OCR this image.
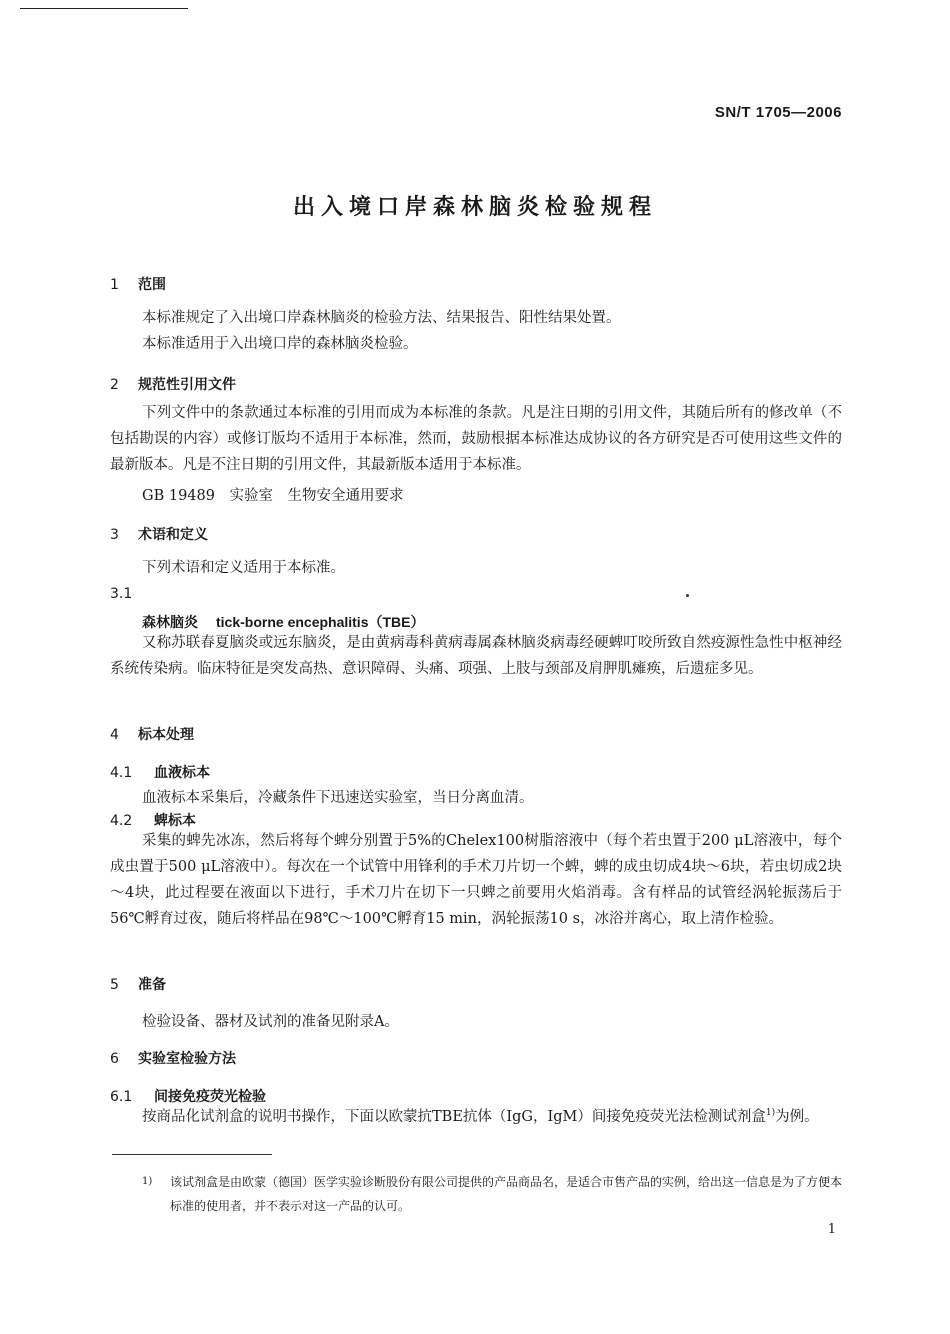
SN/T 1705—2006
出入境口岸森林脑炎检验规程
1 范围
本标准规定了入出境口岸森林脑炎的检验方法、结果报告、阳性结果处置。
本标准适用于入出境口岸的森林脑炎检验。
2 规范性引用文件
下列文件中的条款通过本标准的引用而成为本标准的条款。凡是注日期的引用文件，其随后所有的修改单（不包括勘误的内容）或修订版均不适用于本标准，然而，鼓励根据本标准达成协议的各方研究是否可使用这些文件的最新版本。凡是不注日期的引用文件，其最新版本适用于本标准。
GB 19489　实验室　生物安全通用要求
3 术语和定义
下列术语和定义适用于本标准。
3.1
森林脑炎 tick-borne encephalitis（TBE）
又称苏联春夏脑炎或远东脑炎，是由黄病毒科黄病毒属森林脑炎病毒经硬蜱叮咬所致自然疫源性急性中枢神经系统传染病。临床特征是突发高热、意识障碍、头痛、项强、上肢与颈部及肩胛肌瘫痪，后遗症多见。
4 标本处理
4.1 血液标本
血液标本采集后，冷藏条件下迅速送实验室，当日分离血清。
4.2 蜱标本
采集的蜱先冰冻，然后将每个蜱分别置于5%的Chelex100树脂溶液中（每个若虫置于200 μL溶液中，每个成虫置于500 μL溶液中）。每次在一个试管中用锋利的手术刀片切一个蜱，蜱的成虫切成4块～6块，若虫切成2块～4块，此过程要在液面以下进行，手术刀片在切下一只蜱之前要用火焰消毒。含有样品的试管经涡轮振荡后于56℃孵育过夜，随后将样品在98℃～100℃孵育15 min，涡轮振荡10 s，冰浴并离心，取上清作检验。
5 准备
检验设备、器材及试剂的准备见附录A。
6 实验室检验方法
6.1 间接免疫荧光检验
按商品化试剂盒的说明书操作，下面以欧蒙抗TBE抗体（IgG，IgM）间接免疫荧光法检测试剂盒$^{1)}$为例。
1) 该试剂盒是由欧蒙（德国）医学实验诊断股份有限公司提供的产品商品名，是适合市售产品的实例，给出这一信息是为了方便本标准的使用者，并不表示对这一产品的认可。
1
